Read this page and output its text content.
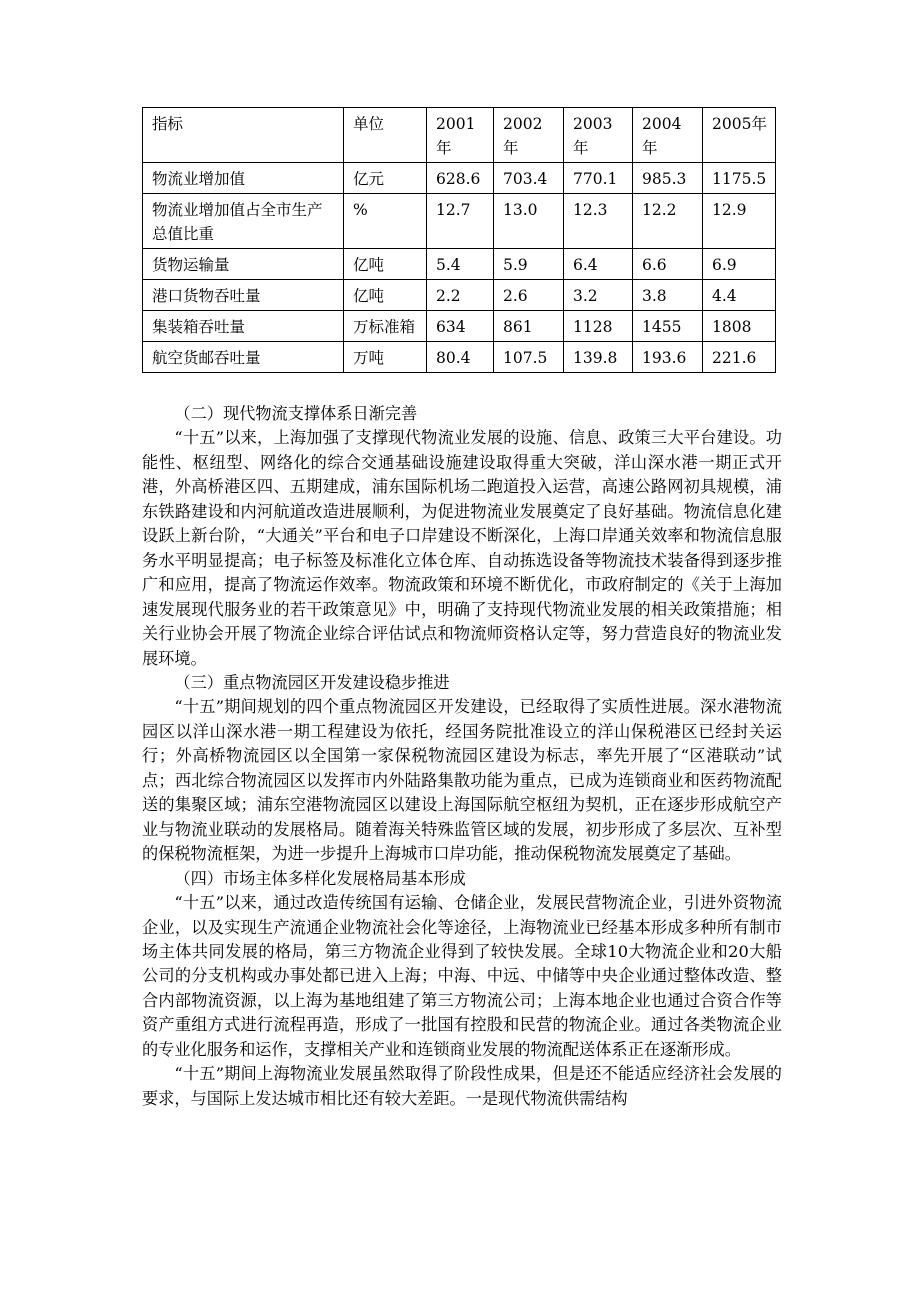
指标	单位	2001年	2002年	2003年	2004年	2005年
物流业增加值	亿元	628.6	703.4	770.1	985.3	1175.5
物流业增加值占全市生产总值比重	%	12.7	13.0	12.3	12.2	12.9
货物运输量	亿吨	5.4	5.9	6.4	6.6	6.9
港口货物吞吐量	亿吨	2.2	2.6	3.2	3.8	4.4
集装箱吞吐量	万标准箱	634	861	1128	1455	1808
航空货邮吞吐量	万吨	80.4	107.5	139.8	193.6	221.6

（二）现代物流支撑体系日渐完善

“十五”以来，上海加强了支撑现代物流业发展的设施、信息、政策三大平台建设。功能性、枢纽型、网络化的综合交通基础设施建设取得重大突破，洋山深水港一期正式开港，外高桥港区四、五期建成，浦东国际机场二跑道投入运营，高速公路网初具规模，浦东铁路建设和内河航道改造进展顺利，为促进物流业发展奠定了良好基础。物流信息化建设跃上新台阶，“大通关”平台和电子口岸建设不断深化，上海口岸通关效率和物流信息服务水平明显提高；电子标签及标准化立体仓库、自动拣选设备等物流技术装备得到逐步推广和应用，提高了物流运作效率。物流政策和环境不断优化，市政府制定的《关于上海加速发展现代服务业的若干政策意见》中，明确了支持现代物流业发展的相关政策措施；相关行业协会开展了物流企业综合评估试点和物流师资格认定等，努力营造良好的物流业发展环境。

（三）重点物流园区开发建设稳步推进

“十五”期间规划的四个重点物流园区开发建设，已经取得了实质性进展。深水港物流园区以洋山深水港一期工程建设为依托，经国务院批准设立的洋山保税港区已经封关运行；外高桥物流园区以全国第一家保税物流园区建设为标志，率先开展了“区港联动”试点；西北综合物流园区以发挥市内外陆路集散功能为重点，已成为连锁商业和医药物流配送的集聚区域；浦东空港物流园区以建设上海国际航空枢纽为契机，正在逐步形成航空产业与物流业联动的发展格局。随着海关特殊监管区域的发展，初步形成了多层次、互补型的保税物流框架，为进一步提升上海城市口岸功能，推动保税物流发展奠定了基础。

（四）市场主体多样化发展格局基本形成

“十五”以来，通过改造传统国有运输、仓储企业，发展民营物流企业，引进外资物流企业，以及实现生产流通企业物流社会化等途径，上海物流业已经基本形成多种所有制市场主体共同发展的格局，第三方物流企业得到了较快发展。全球10大物流企业和20大船公司的分支机构或办事处都已进入上海；中海、中远、中储等中央企业通过整体改造、整合内部物流资源，以上海为基地组建了第三方物流公司；上海本地企业也通过合资合作等资产重组方式进行流程再造，形成了一批国有控股和民营的物流企业。通过各类物流企业的专业化服务和运作，支撑相关产业和连锁商业发展的物流配送体系正在逐渐形成。

“十五”期间上海物流业发展虽然取得了阶段性成果，但是还不能适应经济社会发展的要求，与国际上发达城市相比还有较大差距。一是现代物流供需结构
